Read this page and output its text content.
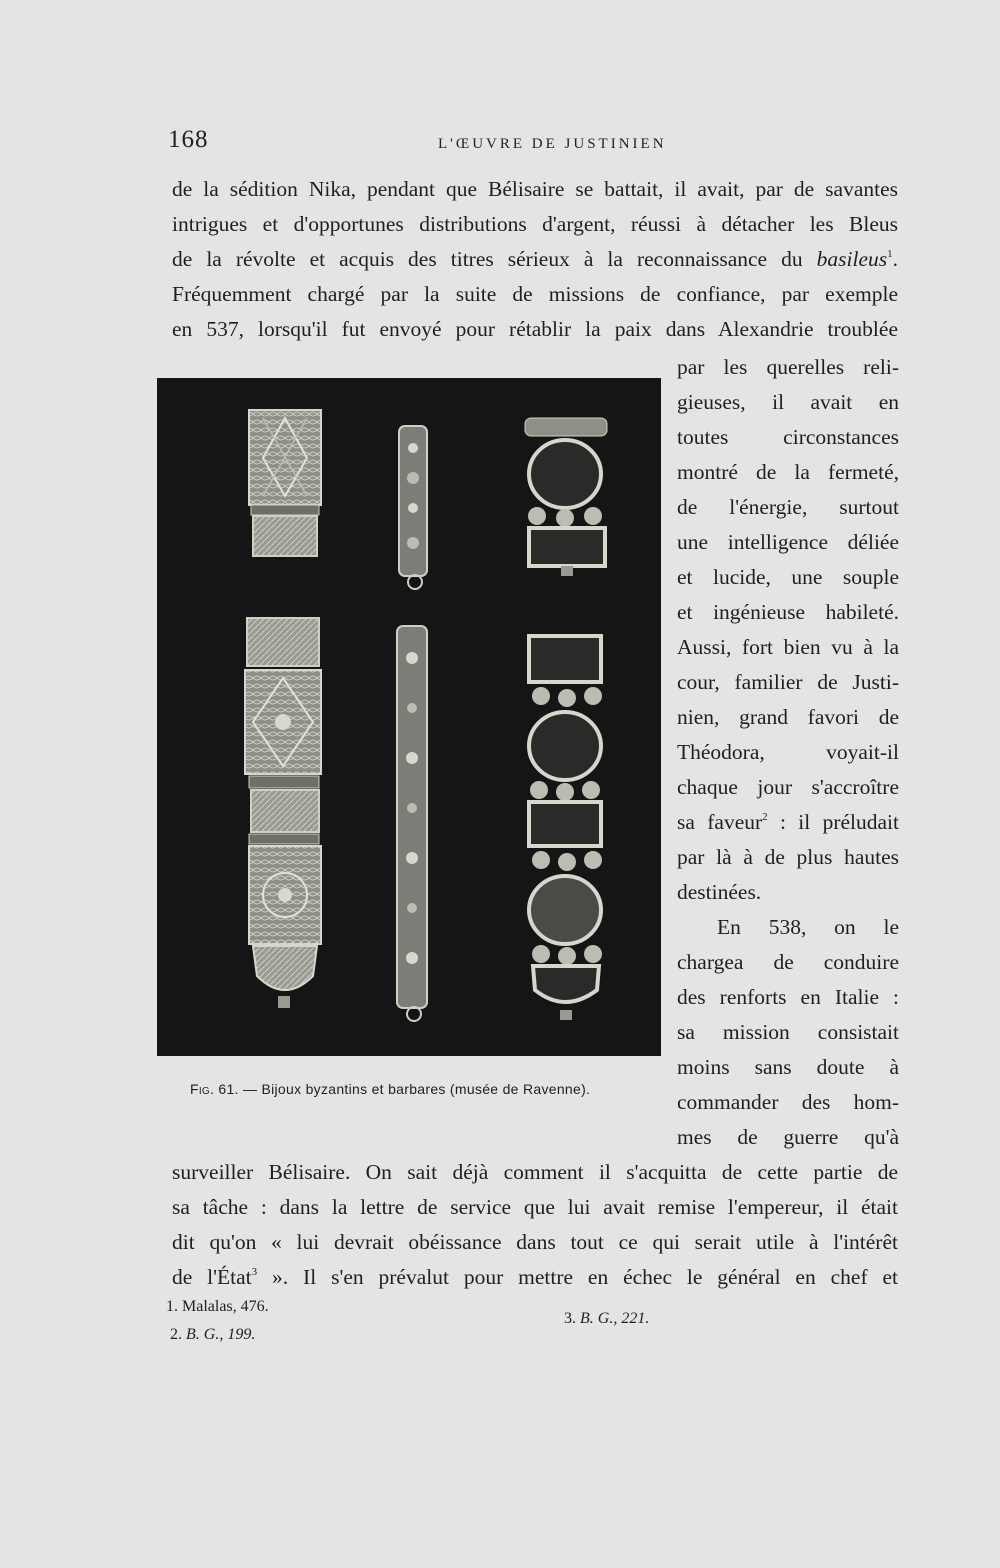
168	L'ŒUVRE DE JUSTINIEN
de la sédition Nika, pendant que Bélisaire se battait, il avait, par de savantes
intrigues et d'opportunes distributions d'argent, réussi à détacher les Bleus
de la révolte et acquis des titres sérieux à la reconnaissance du basileus$^1$.
Fréquemment chargé par la suite de missions de confiance, par exemple
en 537, lorsqu'il fut envoyé pour rétablir la paix dans Alexandrie troublée
Fig. 61. — Bijoux byzantins et barbares (musée de Ravenne).
par les querelles reli-
gieuses, il avait en
toutes circonstances
montré de la fermeté,
de l'énergie, surtout
une intelligence déliée
et lucide, une souple
et ingénieuse habileté.
Aussi, fort bien vu à la
cour, familier de Justi-
nien, grand favori de
Théodora, voyait-il
chaque jour s'accroître
sa faveur$^2$ : il préludait
par là à de plus hautes
destinées.
En 538, on le
chargea de conduire
des renforts en Italie :
sa mission consistait
moins sans doute à
commander des hom-
mes de guerre qu'à
surveiller Bélisaire. On sait déjà comment il s'acquitta de cette partie de
sa tâche : dans la lettre de service que lui avait remise l'empereur, il était
dit qu'on « lui devrait obéissance dans tout ce qui serait utile à l'intérêt
de l'État$^3$ ». Il s'en prévalut pour mettre en échec le général en chef et
1. Malalas, 476.
2. B. G., 199.
3. B. G., 221.
